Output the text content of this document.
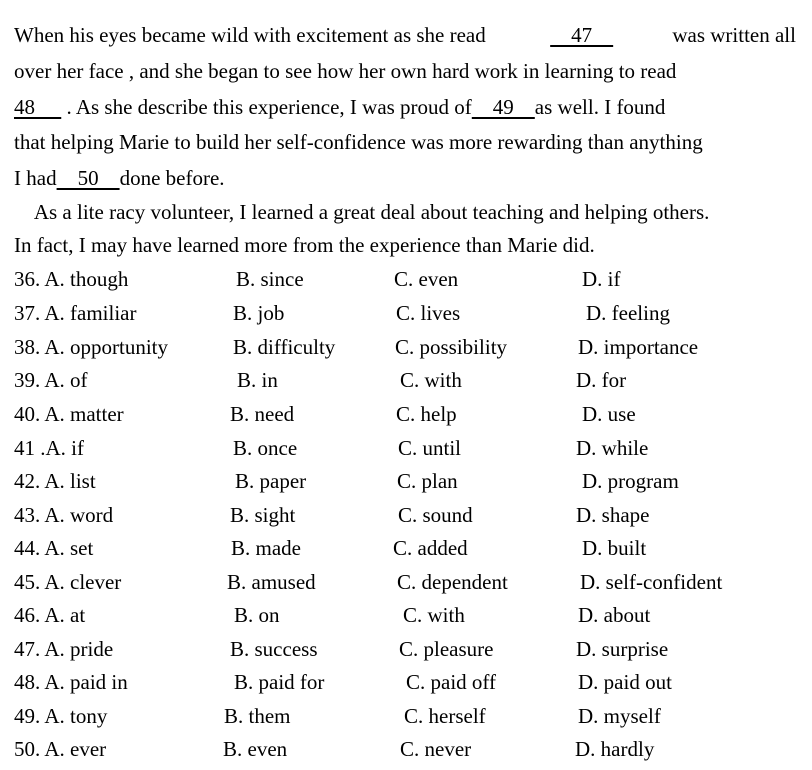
When his eyes became wild with excitement as she read	47	was written all
over her face , and she began to see how her own hard work in learning to read
48      . As she describe this experience, I was proud of    49    as well. I found
that helping Marie to build her self-confidence was more rewarding than anything
I had    50    done before.
As a lite racy volunteer, I learned a great deal about teaching and helping others.
In fact, I may have learned more from the experience than Marie did.
36. A. though	B. since	C. even	D. if
37. A. familiar	B. job	C. lives	D. feeling
38. A. opportunity	B. difficulty	C. possibility	D. importance
39. A. of	B. in	C. with	D. for
40. A. matter	B. need	C. help	D. use
41 .A. if	B. once	C. until	D. while
42. A. list	B. paper	C. plan	D. program
43. A. word	B. sight	C. sound	D. shape
44. A. set	B. made	C. added	D. built
45. A. clever	B. amused	C. dependent	D. self-confident
46. A. at	B. on	C. with	D. about
47. A. pride	B. success	C. pleasure	D. surprise
48. A. paid in	B. paid for	C. paid off	D. paid out
49. A. tony	B. them	C. herself	D. myself
50. A. ever	B. even	C. never	D. hardly
